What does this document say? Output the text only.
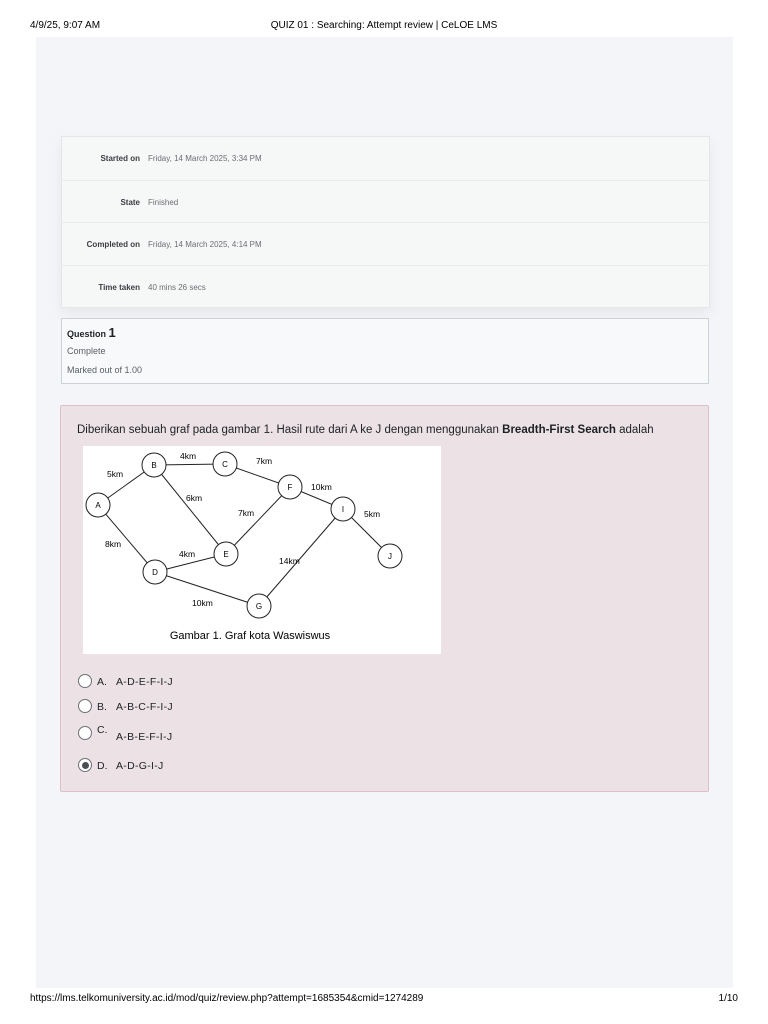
4/9/25, 9:07 AM	QUIZ 01 : Searching: Attempt review | CeLOE LMS
Started on Friday, 14 March 2025, 3:34 PM
State Finished
Completed on Friday, 14 March 2025, 4:14 PM
Time taken 40 mins 26 secs
Question 1
Complete
Marked out of 1.00
Diberikan sebuah graf pada gambar 1. Hasil rute dari A ke J dengan menggunakan Breadth-First Search adalah
A
B	C
D
E
F
G
I
J
5km
4km	7km
6km
7km
10km
5km
8km
4km
14km
10km
Gambar 1. Graf kota Waswiswus
A. A-D-E-F-I-J
B. A-B-C-F-I-J
C.
A-B-E-F-I-J
D. A-D-G-I-J
https://lms.telkomuniversity.ac.id/mod/quiz/review.php?attempt=1685354&cmid=1274289	1/10
